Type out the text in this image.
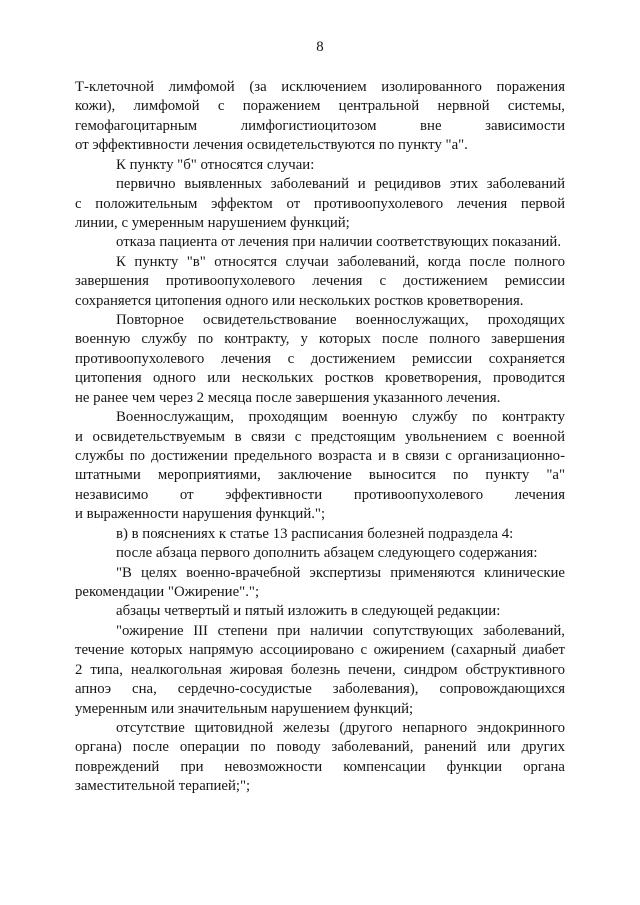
8
Т-клеточной лимфомой (за исключением изолированного поражения
кожи), лимфомой с поражением центральной нервной системы,
гемофагоцитарным лимфогистиоцитозом вне зависимости
от эффективности лечения освидетельствуются по пункту "а".
К пункту "б" относятся случаи:
первично выявленных заболеваний и рецидивов этих заболеваний
с положительным эффектом от противоопухолевого лечения первой
линии, с умеренным нарушением функций;
отказа пациента от лечения при наличии соответствующих показаний.
К пункту "в" относятся случаи заболеваний, когда после полного
завершения противоопухолевого лечения с достижением ремиссии
сохраняется цитопения одного или нескольких ростков кроветворения.
Повторное освидетельствование военнослужащих, проходящих
военную службу по контракту, у которых после полного завершения
противоопухолевого лечения с достижением ремиссии сохраняется
цитопения одного или нескольких ростков кроветворения, проводится
не ранее чем через 2 месяца после завершения указанного лечения.
Военнослужащим, проходящим военную службу по контракту
и освидетельствуемым в связи с предстоящим увольнением с военной
службы по достижении предельного возраста и в связи с организационно-
штатными мероприятиями, заключение выносится по пункту "а"
независимо от эффективности противоопухолевого лечения
и выраженности нарушения функций.";
в) в пояснениях к статье 13 расписания болезней подраздела 4:
после абзаца первого дополнить абзацем следующего содержания:
"В целях военно-врачебной экспертизы применяются клинические
рекомендации "Ожирение".";
абзацы четвертый и пятый изложить в следующей редакции:
"ожирение III степени при наличии сопутствующих заболеваний,
течение которых напрямую ассоциировано с ожирением (сахарный диабет
2 типа, неалкогольная жировая болезнь печени, синдром обструктивного
апноэ сна, сердечно-сосудистые заболевания), сопровождающихся
умеренным или значительным нарушением функций;
отсутствие щитовидной железы (другого непарного эндокринного
органа) после операции по поводу заболеваний, ранений или других
повреждений при невозможности компенсации функции органа
заместительной терапией;";
